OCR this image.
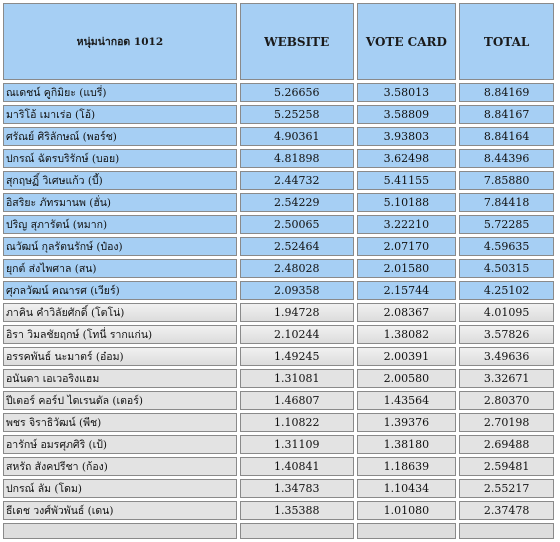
หนุ่มน่ากอด 1012	WEBSITE	VOTE CARD	TOTAL
ณเดชน์ คูกิมิยะ (แบรี่)	5.26656	3.58013	8.84169
มาริโอ้ เมาเร่อ (โอ้)	5.25258	3.58809	8.84167
ศรัณย์ ศิริลักษณ์ (พอร์ช)	4.90361	3.93803	8.84164
ปกรณ์ ฉัตรบริรักษ์ (บอย)	4.81898	3.62498	8.44396
สุกฤษฏิ์ วิเศษแก้ว (บี้)	2.44732	5.41155	7.85880
อิสริยะ ภัทรมานพ (ฮั่น)	2.54229	5.10188	7.84418
ปริญ สุภารัตน์ (หมาก)	2.50065	3.22210	5.72285
ณวัฒน์ กุลรัตนรักษ์ (ป๋อง)	2.52464	2.07170	4.59635
ยุกต์ ส่งไพศาล (สน)	2.48028	2.01580	4.50315
ศุภลวัฒน์ คณารศ (เวียร์)	2.09358	2.15744	4.25102
ภาคิน คำวิลัยศักดิ์ (โตโน่)	1.94728	2.08367	4.01095
อิรา วิมลชัยฤกษ์ (โทนี่ รากแก่น)	2.10244	1.38082	3.57826
อรรคพันธ์ นะมาตร์ (อ๋อม)	1.49245	2.00391	3.49636
อนันดา เอเวอริงแฮม	1.31081	2.00580	3.32671
ปีเตอร์ คอร์ป ไดเรนดัล (เตอร์)	1.46807	1.43564	2.80370
พชร จิราธิวัฒน์ (พีช)	1.10822	1.39376	2.70198
อารักษ์ อมรศุภศิริ (เป้)	1.31109	1.38180	2.69488
สหรัถ สังคปรีชา (ก้อง)	1.40841	1.18639	2.59481
ปกรณ์ ลัม (โดม)	1.34783	1.10434	2.55217
ธีเดช วงศ์พัวพันธ์ (เดน)	1.35388	1.01080	2.37478
